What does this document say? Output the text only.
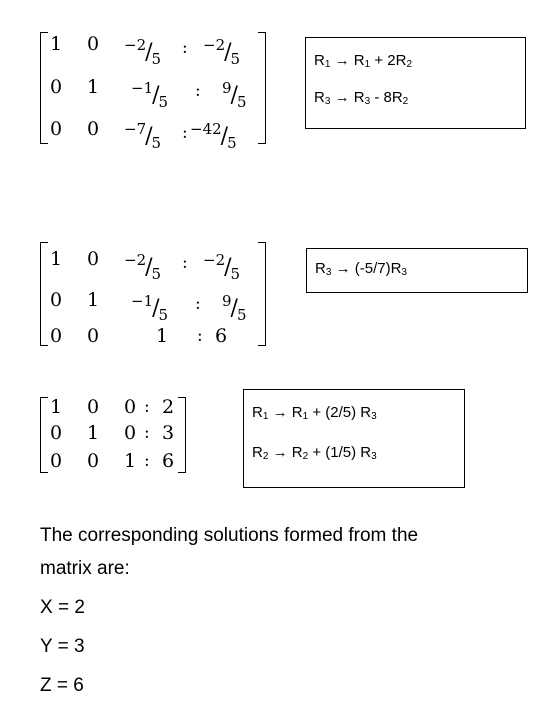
1 0 $^{-2}/_5$
: $^{-2}/_5$
0 1 $^{-1}/_5$
: $^9/_5$
0 0 $^{-7}/_5$ : $^{-42}/_5$
$R_1 \to R_1 + 2R_2$
$R_3 \to R_3 - 8R_2$
1 0 $^{-2}/_5$
: $^{-2}/_5$
0 1 $^{-1}/_5$
: $^9/_5$
0 0	1 : 6
$R_3 \to (-5/7)R_3$
1 0 0 : 2
0 1 0 : 3
0 0 1 : 6
$R_1 \to R_1 + (2/5)$ $R_3$
$R_2 \to R_2 + (1/5)$ $R_3$
The corresponding solutions formed from the
matrix are:
X = 2
Y = 3
Z = 6
